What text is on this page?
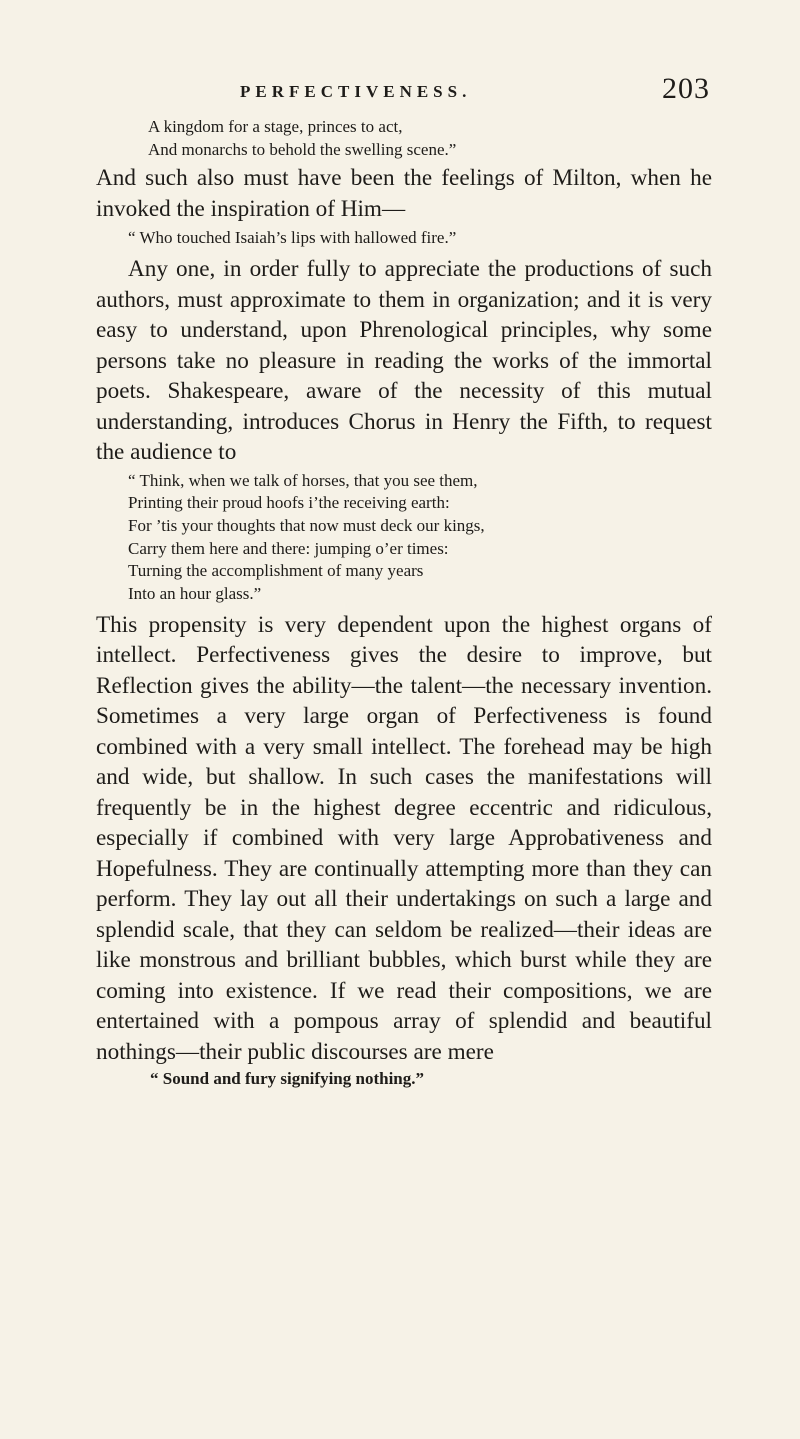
PERFECTIVENESS.	203
A kingdom for a stage, princes to act,
And monarchs to behold the swelling scene.”

And such also must have been the feelings of Milton, when he invoked the inspiration of Him—

“ Who touched Isaiah’s lips with hallowed fire.”

Any one, in order fully to appreciate the productions of such authors, must approximate to them in organization; and it is very easy to understand, upon Phrenological principles, why some persons take no pleasure in reading the works of the immortal poets. Shakespeare, aware of the necessity of this mutual understanding, introduces Chorus in Henry the Fifth, to request the audience to

“ Think, when we talk of horses, that you see them,
Printing their proud hoofs i’the receiving earth:
For ’tis your thoughts that now must deck our kings,
Carry them here and there: jumping o’er times:
Turning the accomplishment of many years
Into an hour glass.”

This propensity is very dependent upon the highest organs of intellect. Perfectiveness gives the desire to improve, but Reflection gives the ability—the talent—the necessary invention. Sometimes a very large organ of Perfectiveness is found combined with a very small intellect. The forehead may be high and wide, but shallow. In such cases the manifestations will frequently be in the highest degree eccentric and ridiculous, especially if combined with very large Approbativeness and Hopefulness. They are continually attempting more than they can perform. They lay out all their undertakings on such a large and splendid scale, that they can seldom be realized—their ideas are like monstrous and brilliant bubbles, which burst while they are coming into existence. If we read their compositions, we are entertained with a pompous array of splendid and beautiful nothings—their public discourses are mere

“ Sound and fury signifying nothing.”
